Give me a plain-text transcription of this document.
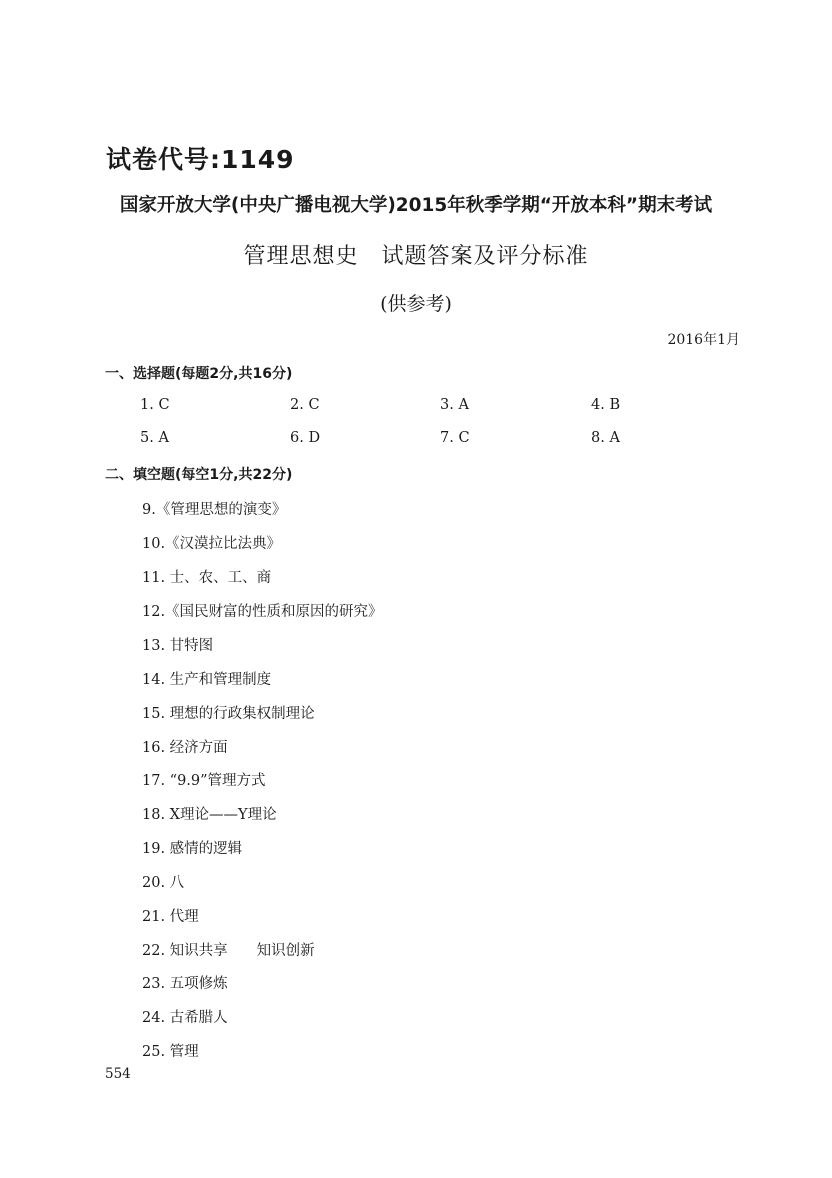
试卷代号:1149
国家开放大学(中央广播电视大学)2015年秋季学期“开放本科”期末考试
管理思想史　试题答案及评分标准
(供参考)
2016年1月
一、选择题(每题2分,共16分)
1. C	2. C	3. A	4. B
5. A	6. D	7. C	8. A
二、填空题(每空1分,共22分)
9.《管理思想的演变》
10.《汉漠拉比法典》
11. 士、农、工、商
12.《国民财富的性质和原因的研究》
13. 甘特图
14. 生产和管理制度
15. 理想的行政集权制理论
16. 经济方面
17. “9.9”管理方式
18. X理论——Y理论
19. 感情的逻辑
20. 八
21. 代理
22. 知识共享　　知识创新
23. 五项修炼
24. 古希腊人
25. 管理
554
